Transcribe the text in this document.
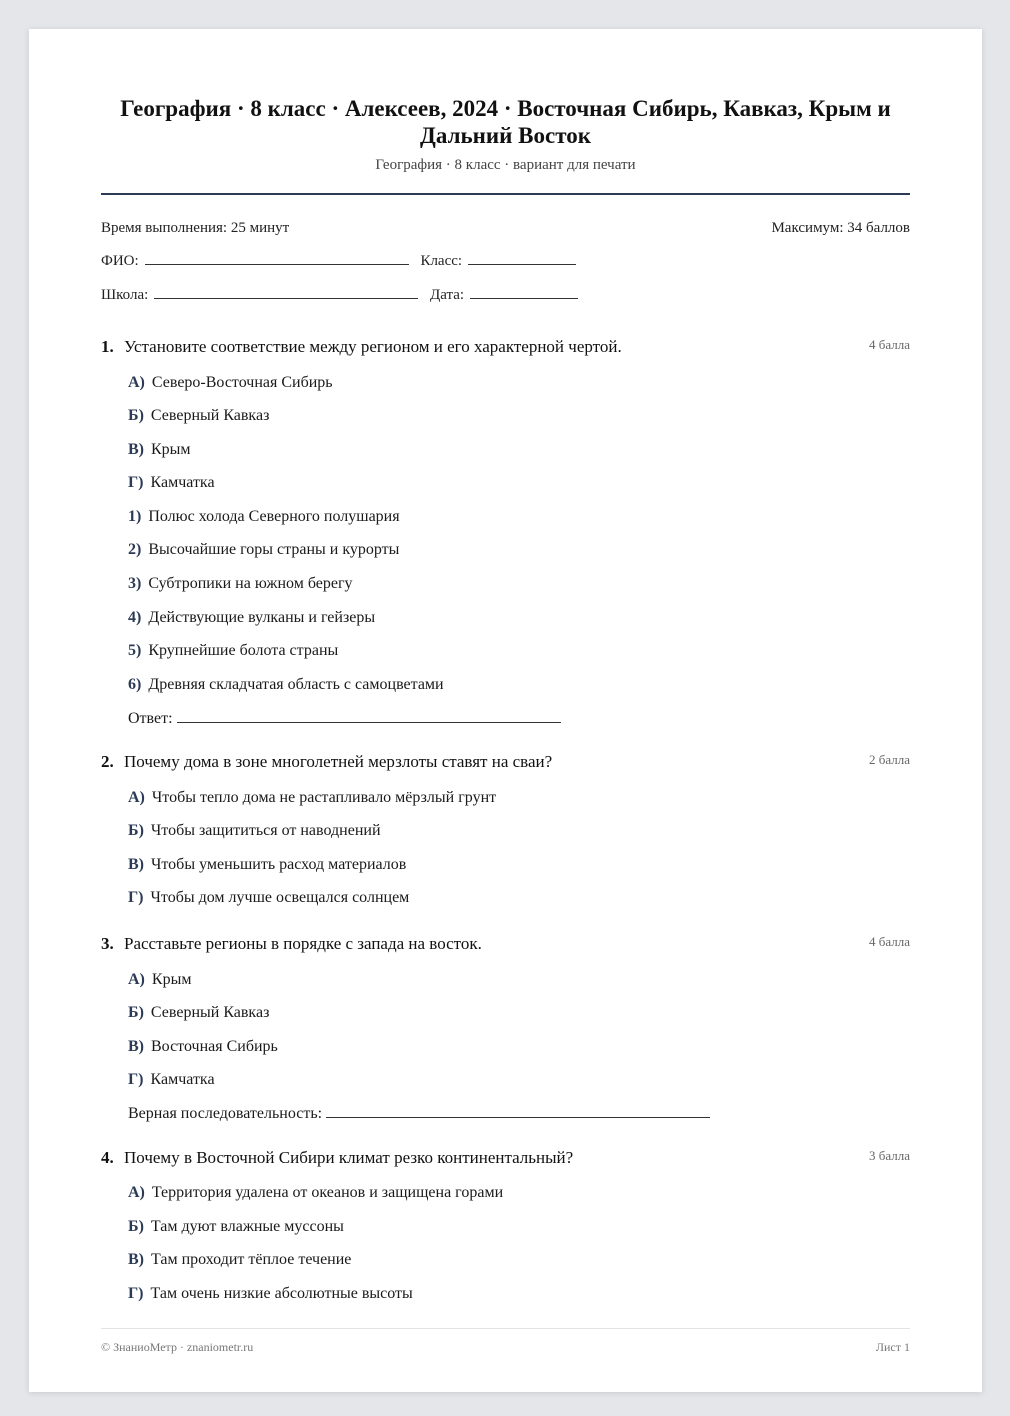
География · 8 класс · Алексеев, 2024 · Восточная Сибирь, Кавказ, Крым и Дальний Восток
География · 8 класс · вариант для печати
Время выполнения: 25 минут	Максимум: 34 баллов
ФИО:	Класс:
Школа:	Дата:
1. Установите соответствие между регионом и его характерной чертой.	4 балла
А) Северо-Восточная Сибирь
Б) Северный Кавказ
В) Крым
Г) Камчатка
1) Полюс холода Северного полушария
2) Высочайшие горы страны и курорты
3) Субтропики на южном берегу
4) Действующие вулканы и гейзеры
5) Крупнейшие болота страны
6) Древняя складчатая область с самоцветами
Ответ:
2. Почему дома в зоне многолетней мерзлоты ставят на сваи?	2 балла
А) Чтобы тепло дома не растапливало мёрзлый грунт
Б) Чтобы защититься от наводнений
В) Чтобы уменьшить расход материалов
Г) Чтобы дом лучше освещался солнцем
3. Расставьте регионы в порядке с запада на восток.	4 балла
А) Крым
Б) Северный Кавказ
В) Восточная Сибирь
Г) Камчатка
Верная последовательность:
4. Почему в Восточной Сибири климат резко континентальный?	3 балла
А) Территория удалена от океанов и защищена горами
Б) Там дуют влажные муссоны
В) Там проходит тёплое течение
Г) Там очень низкие абсолютные высоты
© ЗнаниоМетр · znaniometr.ru	Лист 1
